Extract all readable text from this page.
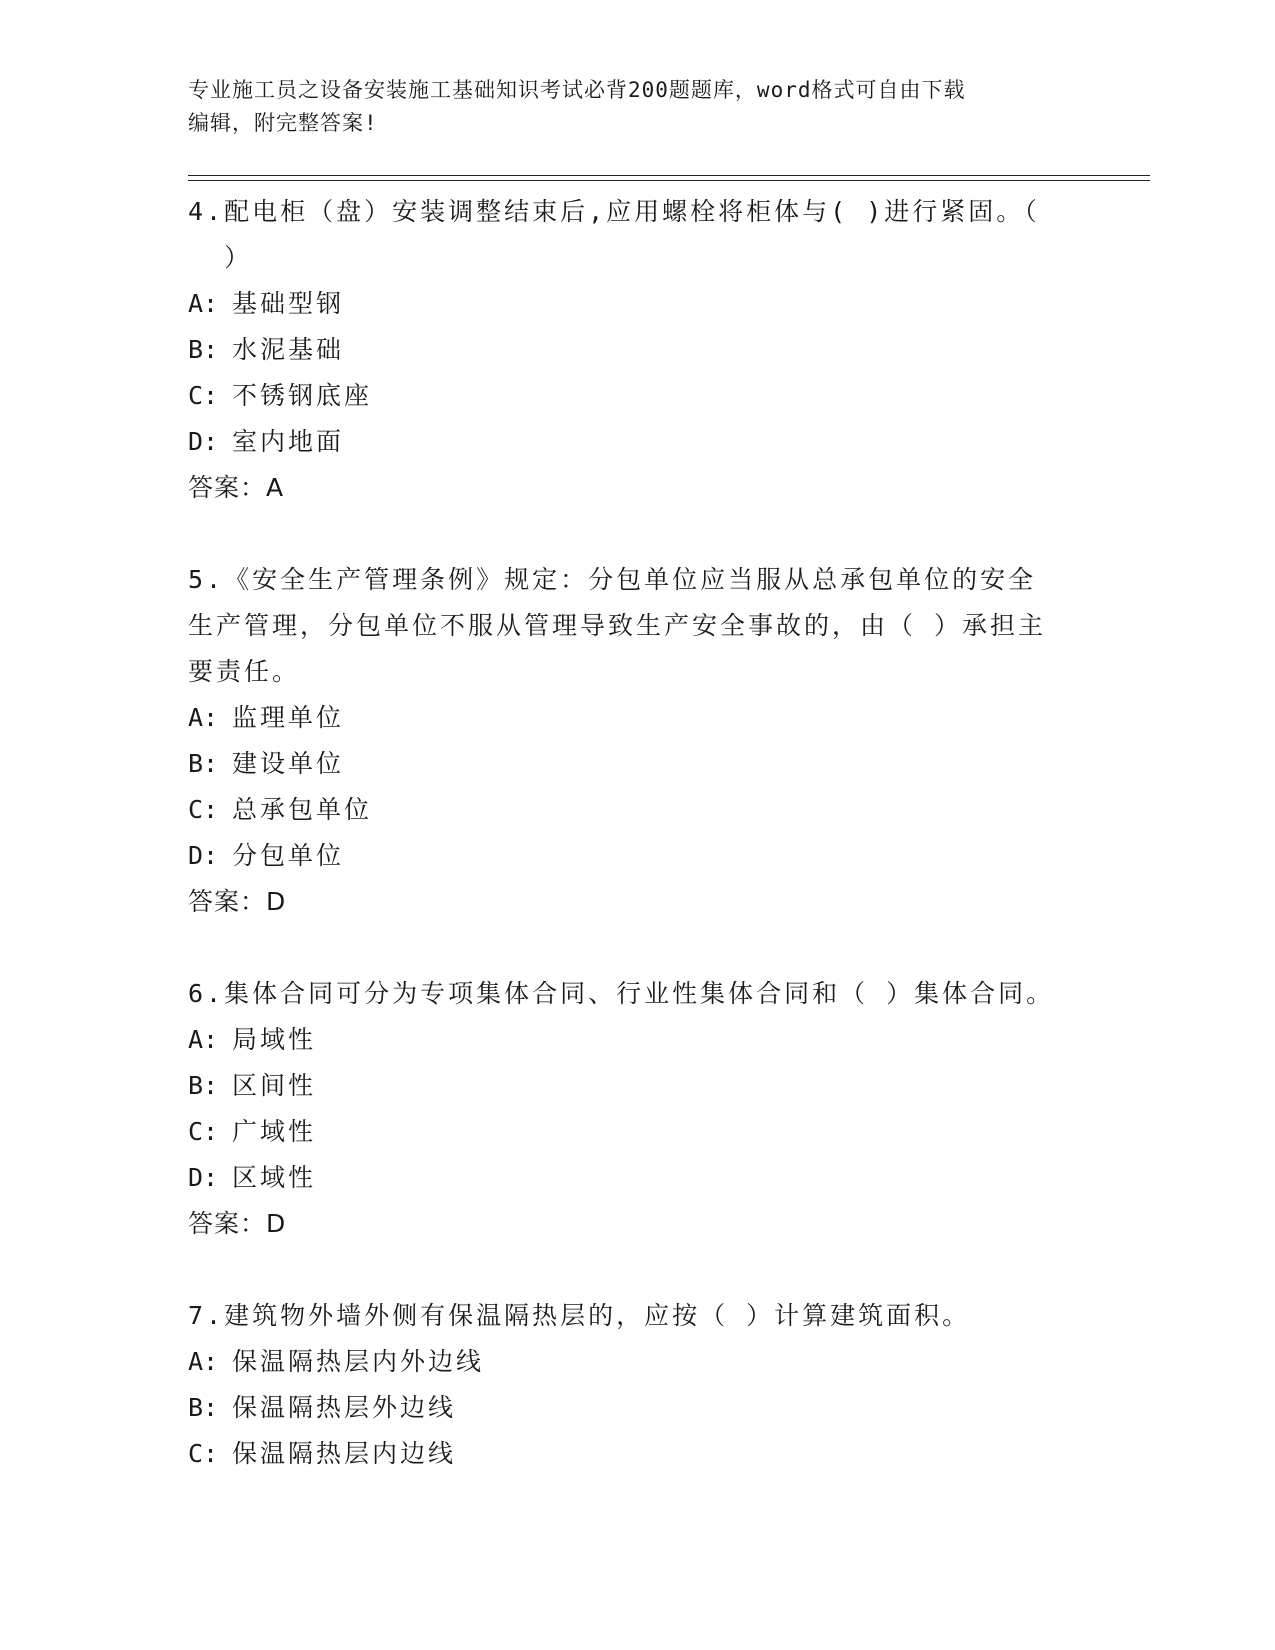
专业施工员之设备安装施工基础知识考试必背200题题库，word格式可自由下载
编辑，附完整答案!

4.配电柜（盘）安装调整结束后,应用螺栓将柜体与( )进行紧固。（

）

A: 基础型钢

B: 水泥基础

C: 不锈钢底座

D: 室内地面

答案：A

5.《安全生产管理条例》规定：分包单位应当服从总承包单位的安全

生产管理，分包单位不服从管理导致生产安全事故的，由（ ）承担主

要责任。

A: 监理单位

B: 建设单位

C: 总承包单位

D: 分包单位

答案：D

6.集体合同可分为专项集体合同、行业性集体合同和（ ）集体合同。

A: 局域性

B: 区间性

C: 广域性

D: 区域性

答案：D

7.建筑物外墙外侧有保温隔热层的，应按（ ）计算建筑面积。

A: 保温隔热层内外边线

B: 保温隔热层外边线

C: 保温隔热层内边线
